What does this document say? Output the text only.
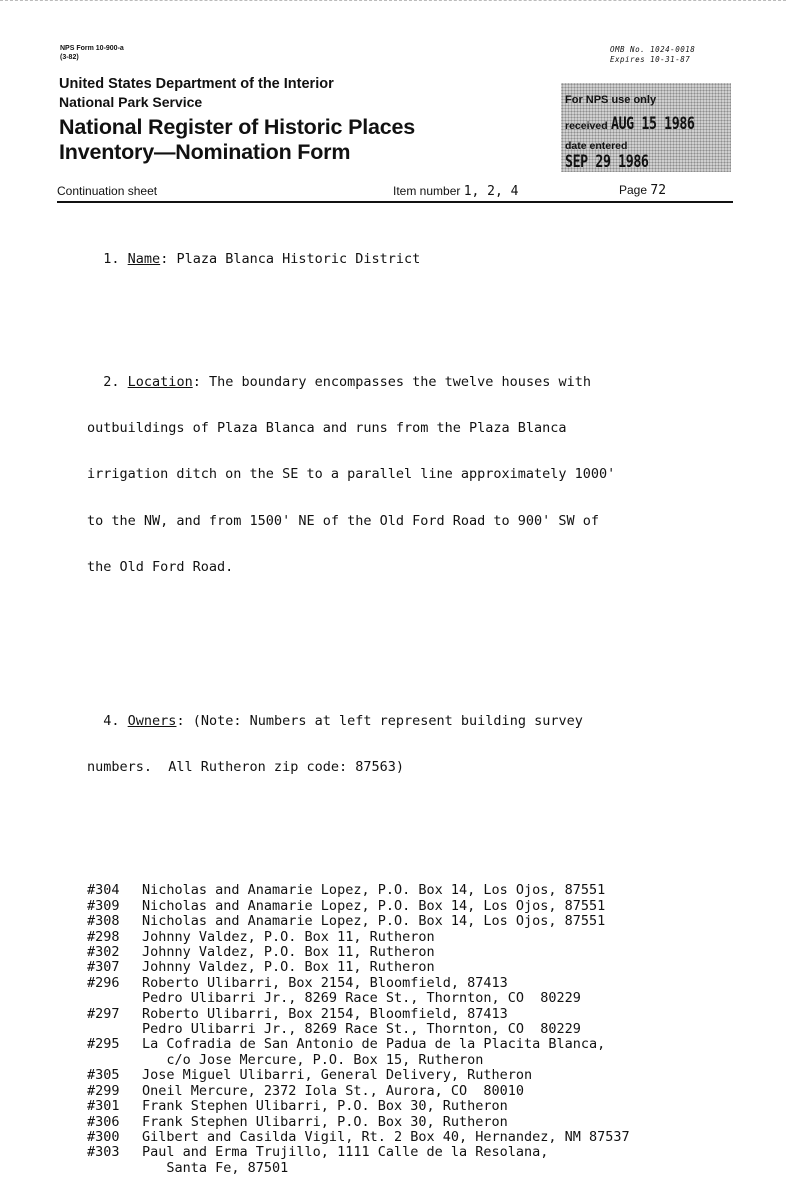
NPS Form 10-900-a
(3-82)
OMB No. 1024-0018
Expires 10-31-87
United States Department of the Interior
National Park Service
National Register of Historic Places
Inventory—Nomination Form
For NPS use only
received AUG 15 1986
date entered SEP 29 1986
Continuation sheet	Item number 1, 2, 4	Page 72

1. Name: Plaza Blanca Historic District

2. Location: The boundary encompasses the twelve houses with

outbuildings of Plaza Blanca and runs from the Plaza Blanca

irrigation ditch on the SE to a parallel line approximately 1000'

to the NW, and from 1500' NE of the Old Ford Road to 900' SW of

the Old Ford Road.

4. Owners: (Note: Numbers at left represent building survey

numbers.  All Rutheron zip code: 87563)

#304	Nicholas and Anamarie Lopez, P.O. Box 14, Los Ojos, 87551
#309	Nicholas and Anamarie Lopez, P.O. Box 14, Los Ojos, 87551
#308	Nicholas and Anamarie Lopez, P.O. Box 14, Los Ojos, 87551
#298	Johnny Valdez, P.O. Box 11, Rutheron
#302	Johnny Valdez, P.O. Box 11, Rutheron
#307	Johnny Valdez, P.O. Box 11, Rutheron
#296	Roberto Ulibarri, Box 2154, Bloomfield, 87413
Pedro Ulibarri Jr., 8269 Race St., Thornton, CO  80229
#297	Roberto Ulibarri, Box 2154, Bloomfield, 87413
Pedro Ulibarri Jr., 8269 Race St., Thornton, CO  80229
#295	La Cofradia de San Antonio de Padua de la Placita Blanca,
c/o Jose Mercure, P.O. Box 15, Rutheron
#305	Jose Miguel Ulibarri, General Delivery, Rutheron
#299	Oneil Mercure, 2372 Iola St., Aurora, CO  80010
#301	Frank Stephen Ulibarri, P.O. Box 30, Rutheron
#306	Frank Stephen Ulibarri, P.O. Box 30, Rutheron
#300	Gilbert and Casilda Vigil, Rt. 2 Box 40, Hernandez, NM 87537
#303	Paul and Erma Trujillo, 1111 Calle de la Resolana,
Santa Fe, 87501
